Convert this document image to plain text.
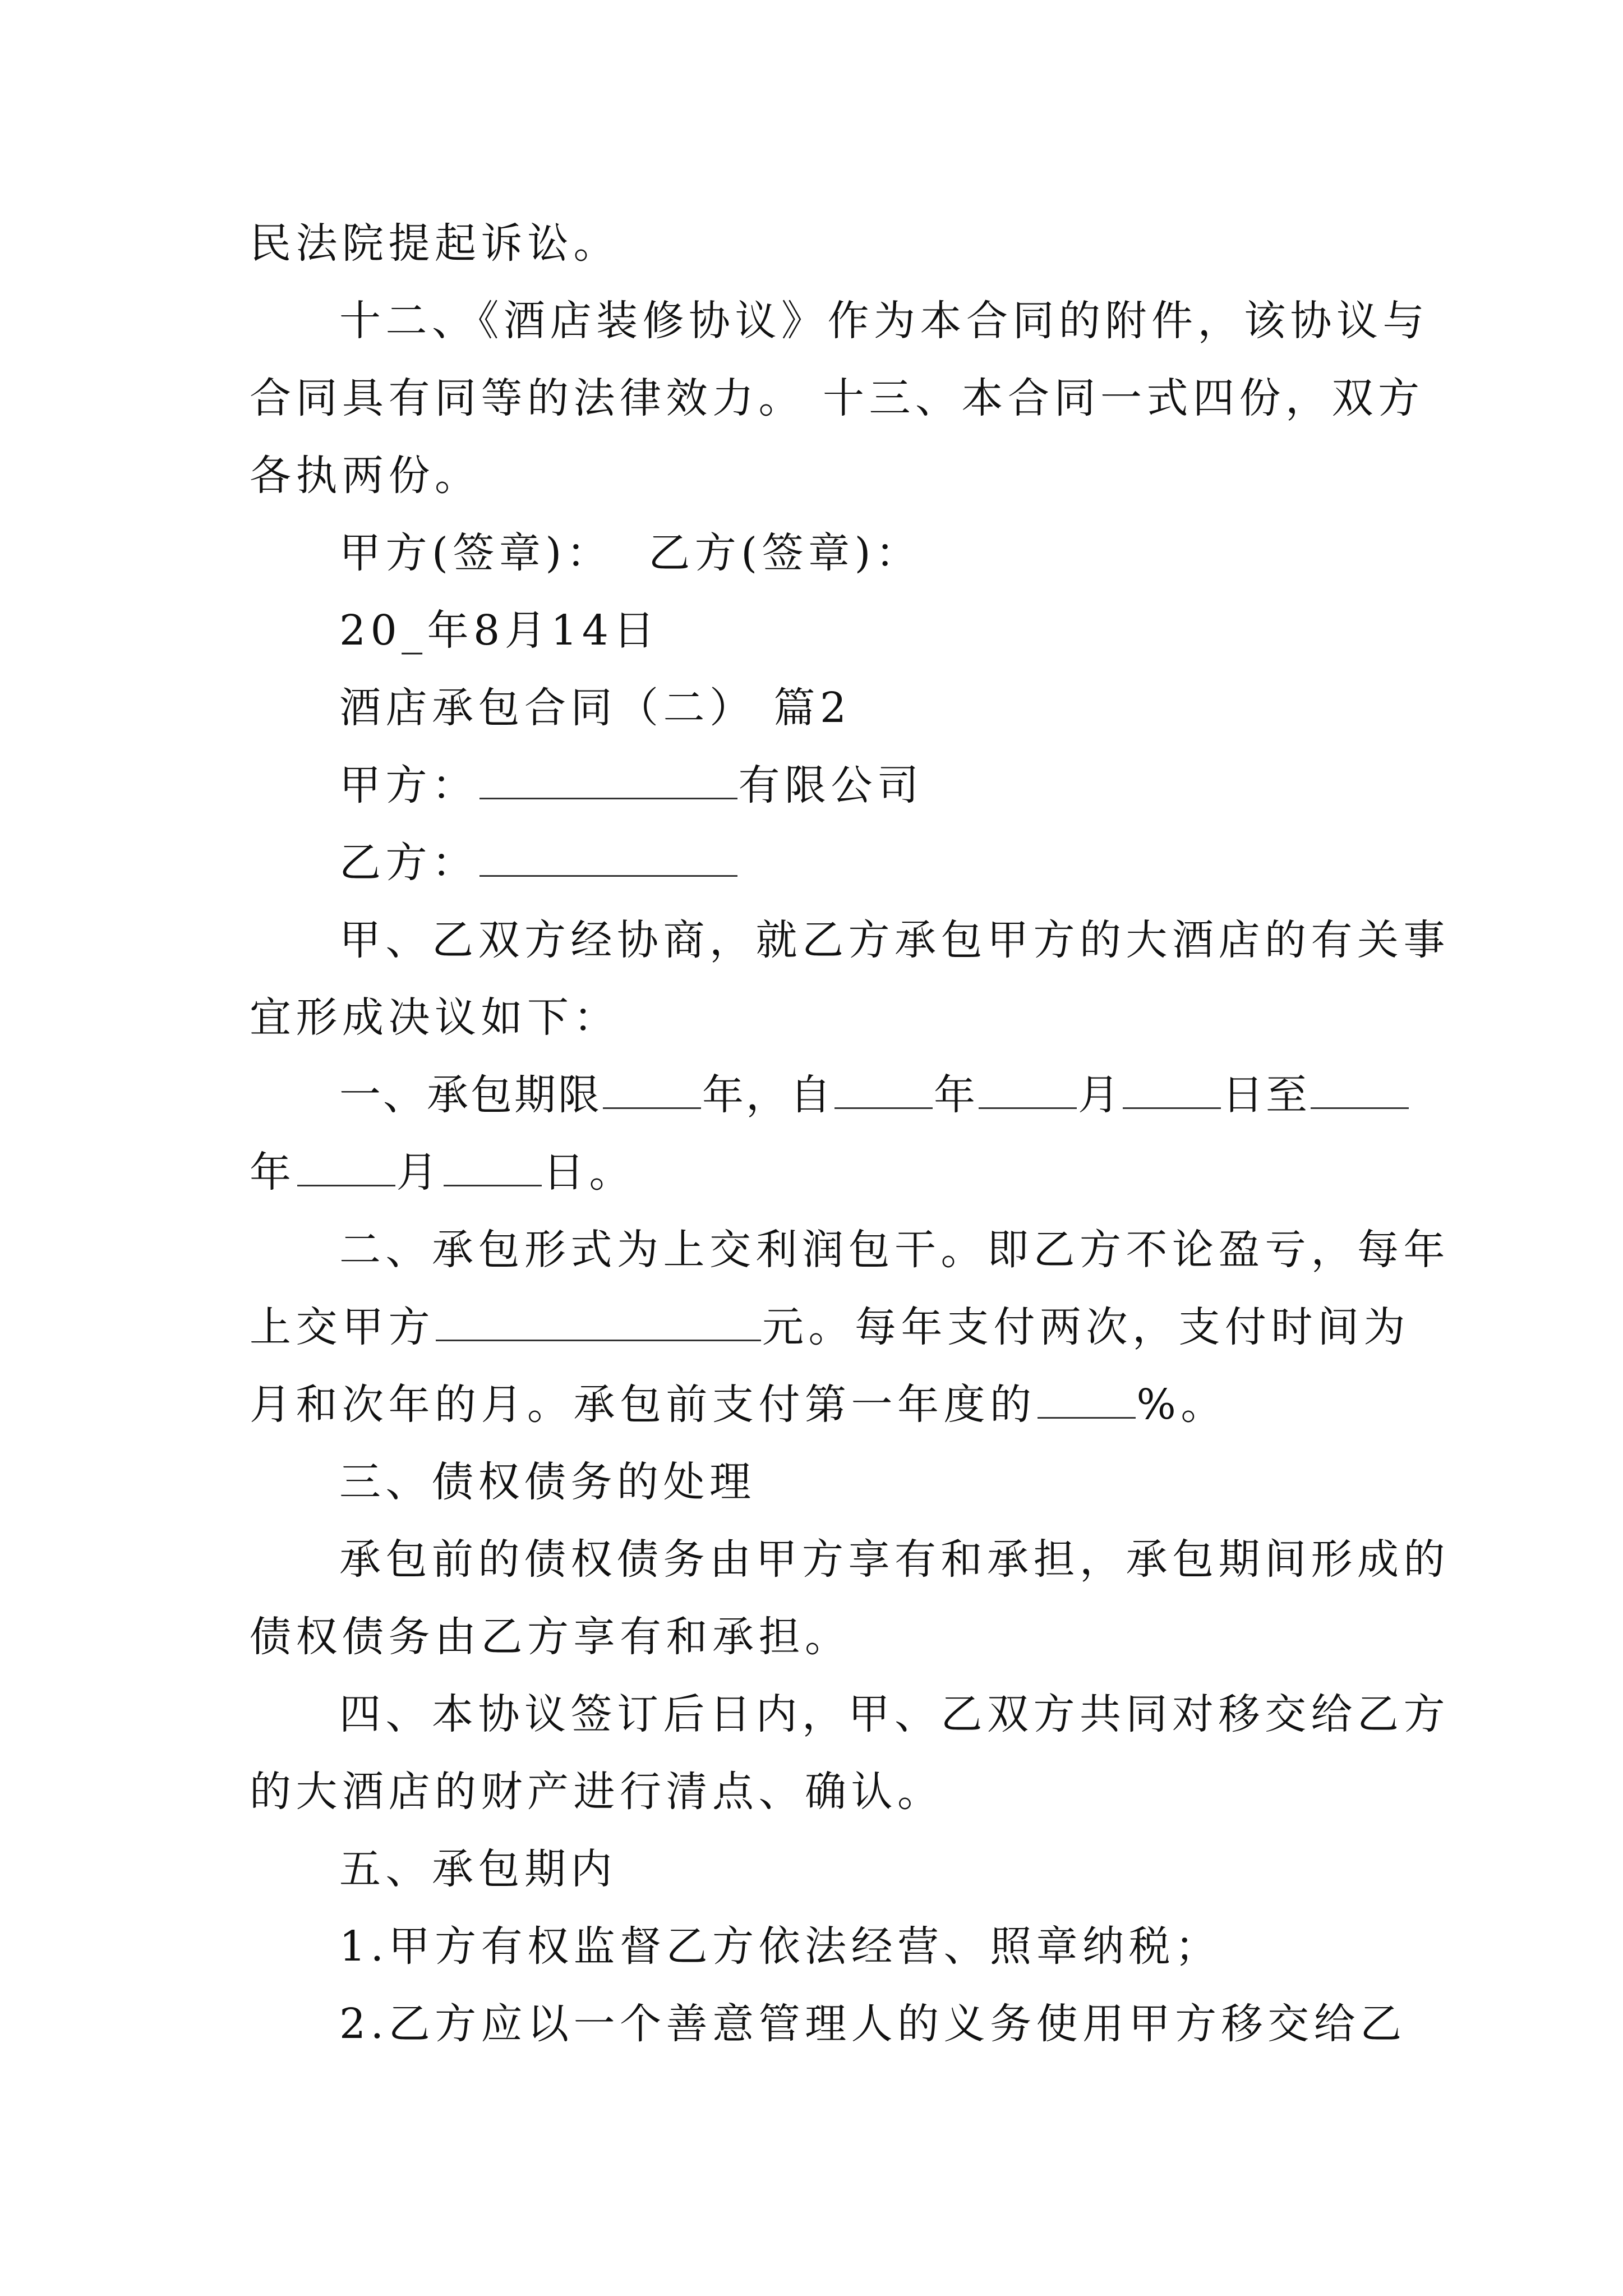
民法院提起诉讼。
十二、《酒店装修协议》作为本合同的附件，该协议与
合同具有同等的法律效力。 十三、本合同一式四份，双方
各执两份。
甲方(签章)：  乙方(签章)：
20_年8月14日
酒店承包合同（二） 篇2
甲方：	有限公司
乙方：
甲、乙双方经协商，就乙方承包甲方的大酒店的有关事
宜形成决议如下：
一、承包期限 年，自 年 月 日至
年 月 日。
二、承包形式为上交利润包干。即乙方不论盈亏，每年
上交甲方	元。每年支付两次，支付时间为
月和次年的月。承包前支付第一年度的 %。
三、债权债务的处理
承包前的债权债务由甲方享有和承担，承包期间形成的
债权债务由乙方享有和承担。
四、本协议签订后日内，甲、乙双方共同对移交给乙方
的大酒店的财产进行清点、确认。
五、承包期内
1.甲方有权监督乙方依法经营、照章纳税；
2.乙方应以一个善意管理人的义务使用甲方移交给乙
